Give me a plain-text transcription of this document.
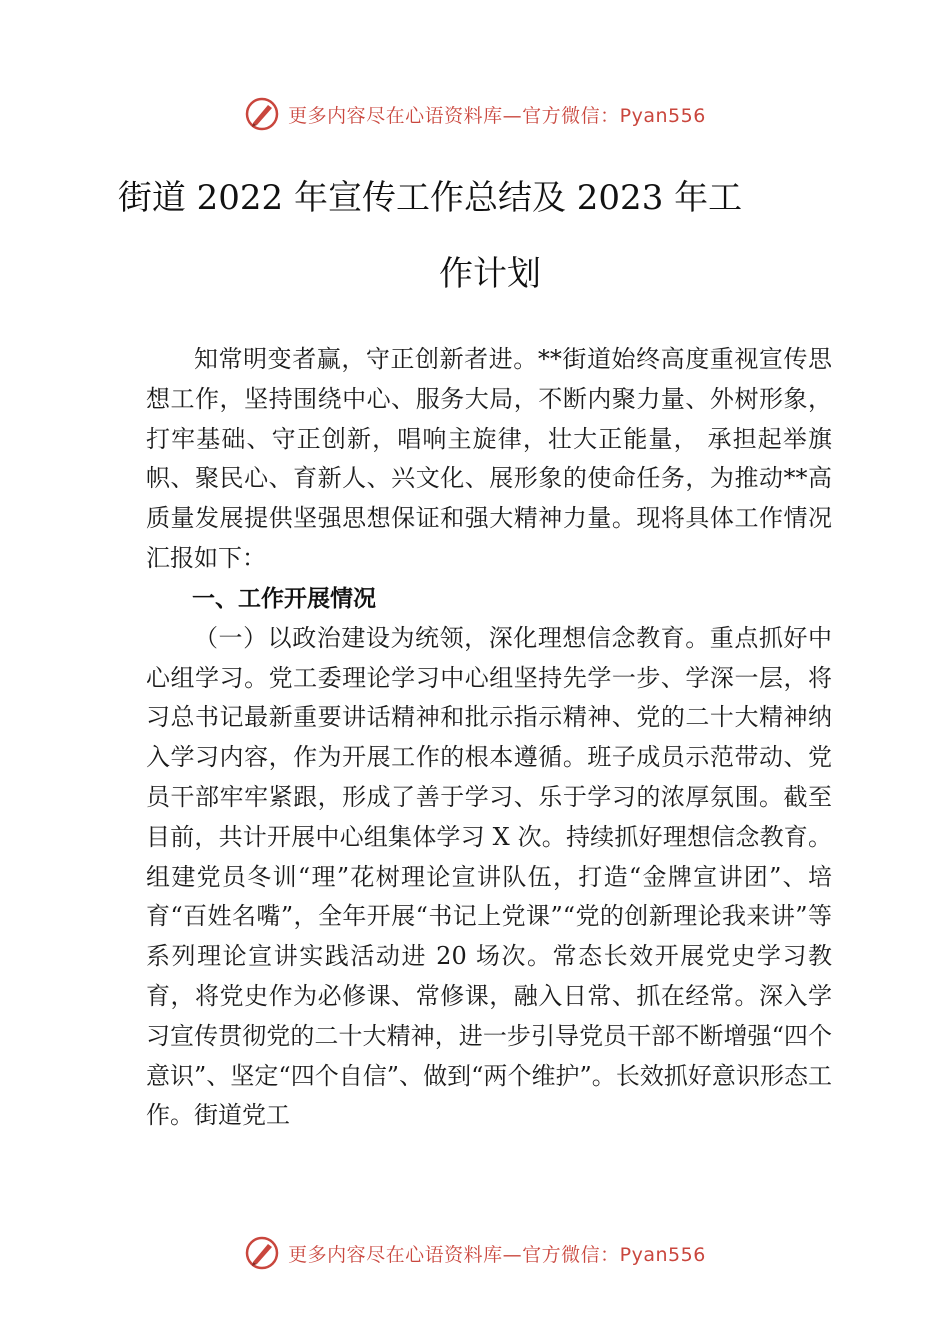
更多内容尽在心语资料库—官方微信：Pyan556
街道 2022 年宣传工作总结及 2023 年工
作计划

知常明变者赢，守正创新者进。**街道始终高度重视宣传思想工作，坚持围绕中心、服务大局，不断内聚力量、外树形象，打牢基础、守正创新，唱响主旋律，壮大正能量， 承担起举旗帜、聚民心、育新人、兴文化、展形象的使命任务，为推动**高质量发展提供坚强思想保证和强大精神力量。现将具体工作情况汇报如下：

一、工作开展情况

（一）以政治建设为统领，深化理想信念教育。重点抓好中心组学习。党工委理论学习中心组坚持先学一步、学深一层，将习总书记最新重要讲话精神和批示指示精神、党的二十大精神纳入学习内容，作为开展工作的根本遵循。班子成员示范带动、党员干部牢牢紧跟，形成了善于学习、乐于学习的浓厚氛围。截至目前，共计开展中心组集体学习 X 次。持续抓好理想信念教育。组建党员冬训“理”花树理论宣讲队伍，打造“金牌宣讲团”、培育“百姓名嘴”，全年开展“书记上党课”“党的创新理论我来讲”等系列理论宣讲实践活动进 20 场次。常态长效开展党史学习教育，将党史作为必修课、常修课，融入日常、抓在经常。深入学习宣传贯彻党的二十大精神，进一步引导党员干部不断增强“四个意识”、坚定“四个自信”、做到“两个维护”。长效抓好意识形态工作。街道党工

更多内容尽在心语资料库—官方微信：Pyan556
